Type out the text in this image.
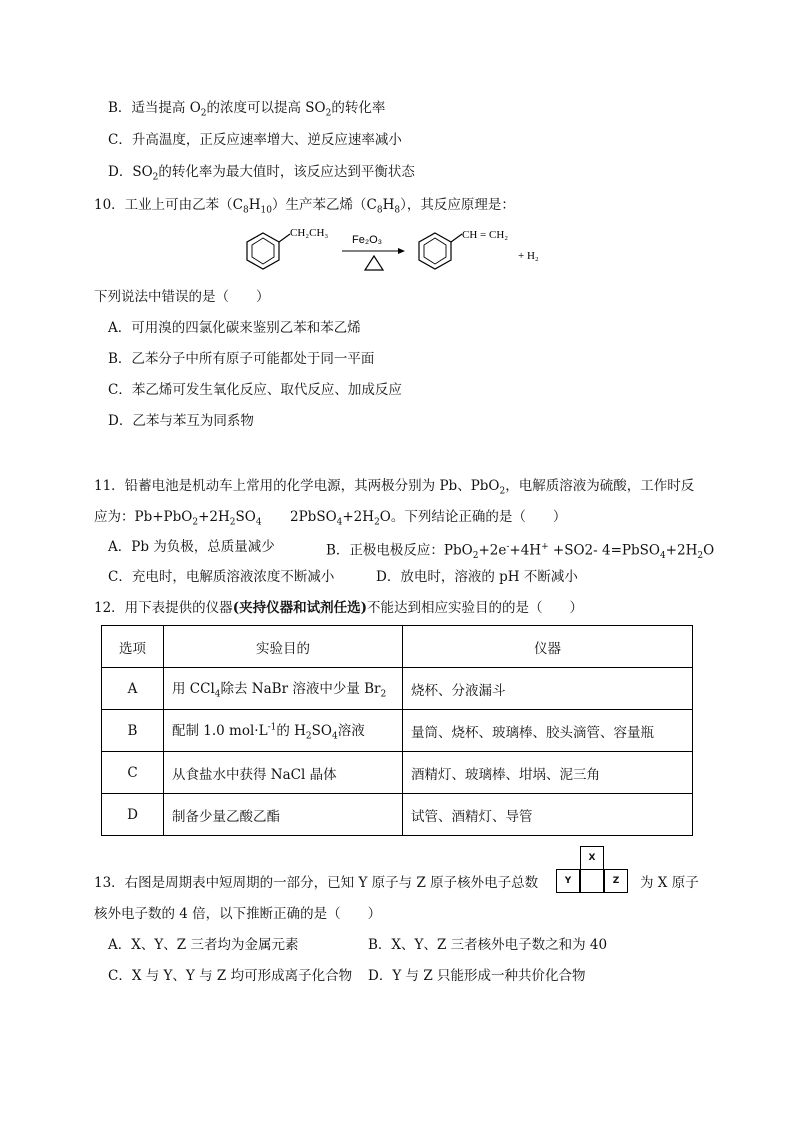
B．适当提高 $O_2$的浓度可以提高 $SO_2$的转化率
C．升高温度，正反应速率增大、逆反应速率减小
D．$SO_2$的转化率为最大值时，该反应达到平衡状态
10．工业上可由乙苯$(C_8H_{10})$生产苯乙烯$(C_8H_8)$，其反应原理是：
CH₂CH₃
Fe₂O₃	CH = CH₂
+ H₂
下列说法中错误的是（　　）
A．可用溴的四氯化碳来鉴别乙苯和苯乙烯
B．乙苯分子中所有原子可能都处于同一平面
C．苯乙烯可发生氧化反应、取代反应、加成反应
D．乙苯与苯互为同系物
11．铅蓄电池是机动车上常用的化学电源，其两极分别为 Pb、PbO$_2$，电解质溶液为硫酸，工作时反
应为：$Pb+PbO_2+2H_2SO_4$ $2PbSO_4+2H_2O$。下列结论正确的是（　　）
A．Pb 为负极，总质量减少	B．正极电极反应：PbO$_2$+2e-+4H+ +SO2- $4=PbSO_4+2H_2O$
C．充电时，电解质溶液浓度不断减小	D．放电时，溶液的 pH 不断减小
12．用下表提供的仪器(夹持仪器和试剂任选)不能达到相应实验目的的是（　　）
选项	实验目的	仪器
A	用 CCl$_4$除去 NaBr 溶液中少量 $Br_2$	烧杯、分液漏斗
B	配制 1.0 $mol\cdot L^{-1}$的 $H_2SO_4$溶液	量筒、烧杯、玻璃棒、胶头滴管、容量瓶
C	从食盐水中获得 NaCl 晶体	酒精灯、玻璃棒、坩埚、泥三角
D	制备少量乙酸乙酯	试管、酒精灯、导管
13．右图是周期表中短周期的一部分，已知 Y 原子与 Z 原子核外电子总数
X
Y	Z	为 X 原子
核外电子数的 4 倍，以下推断正确的是（　　）
A．X、Y、Z 三者均为金属元素	B．X、Y、Z 三者核外电子数之和为 40
C．X 与 Y、Y 与 Z 均可形成离子化合物 D．Y 与 Z 只能形成一种共价化合物
